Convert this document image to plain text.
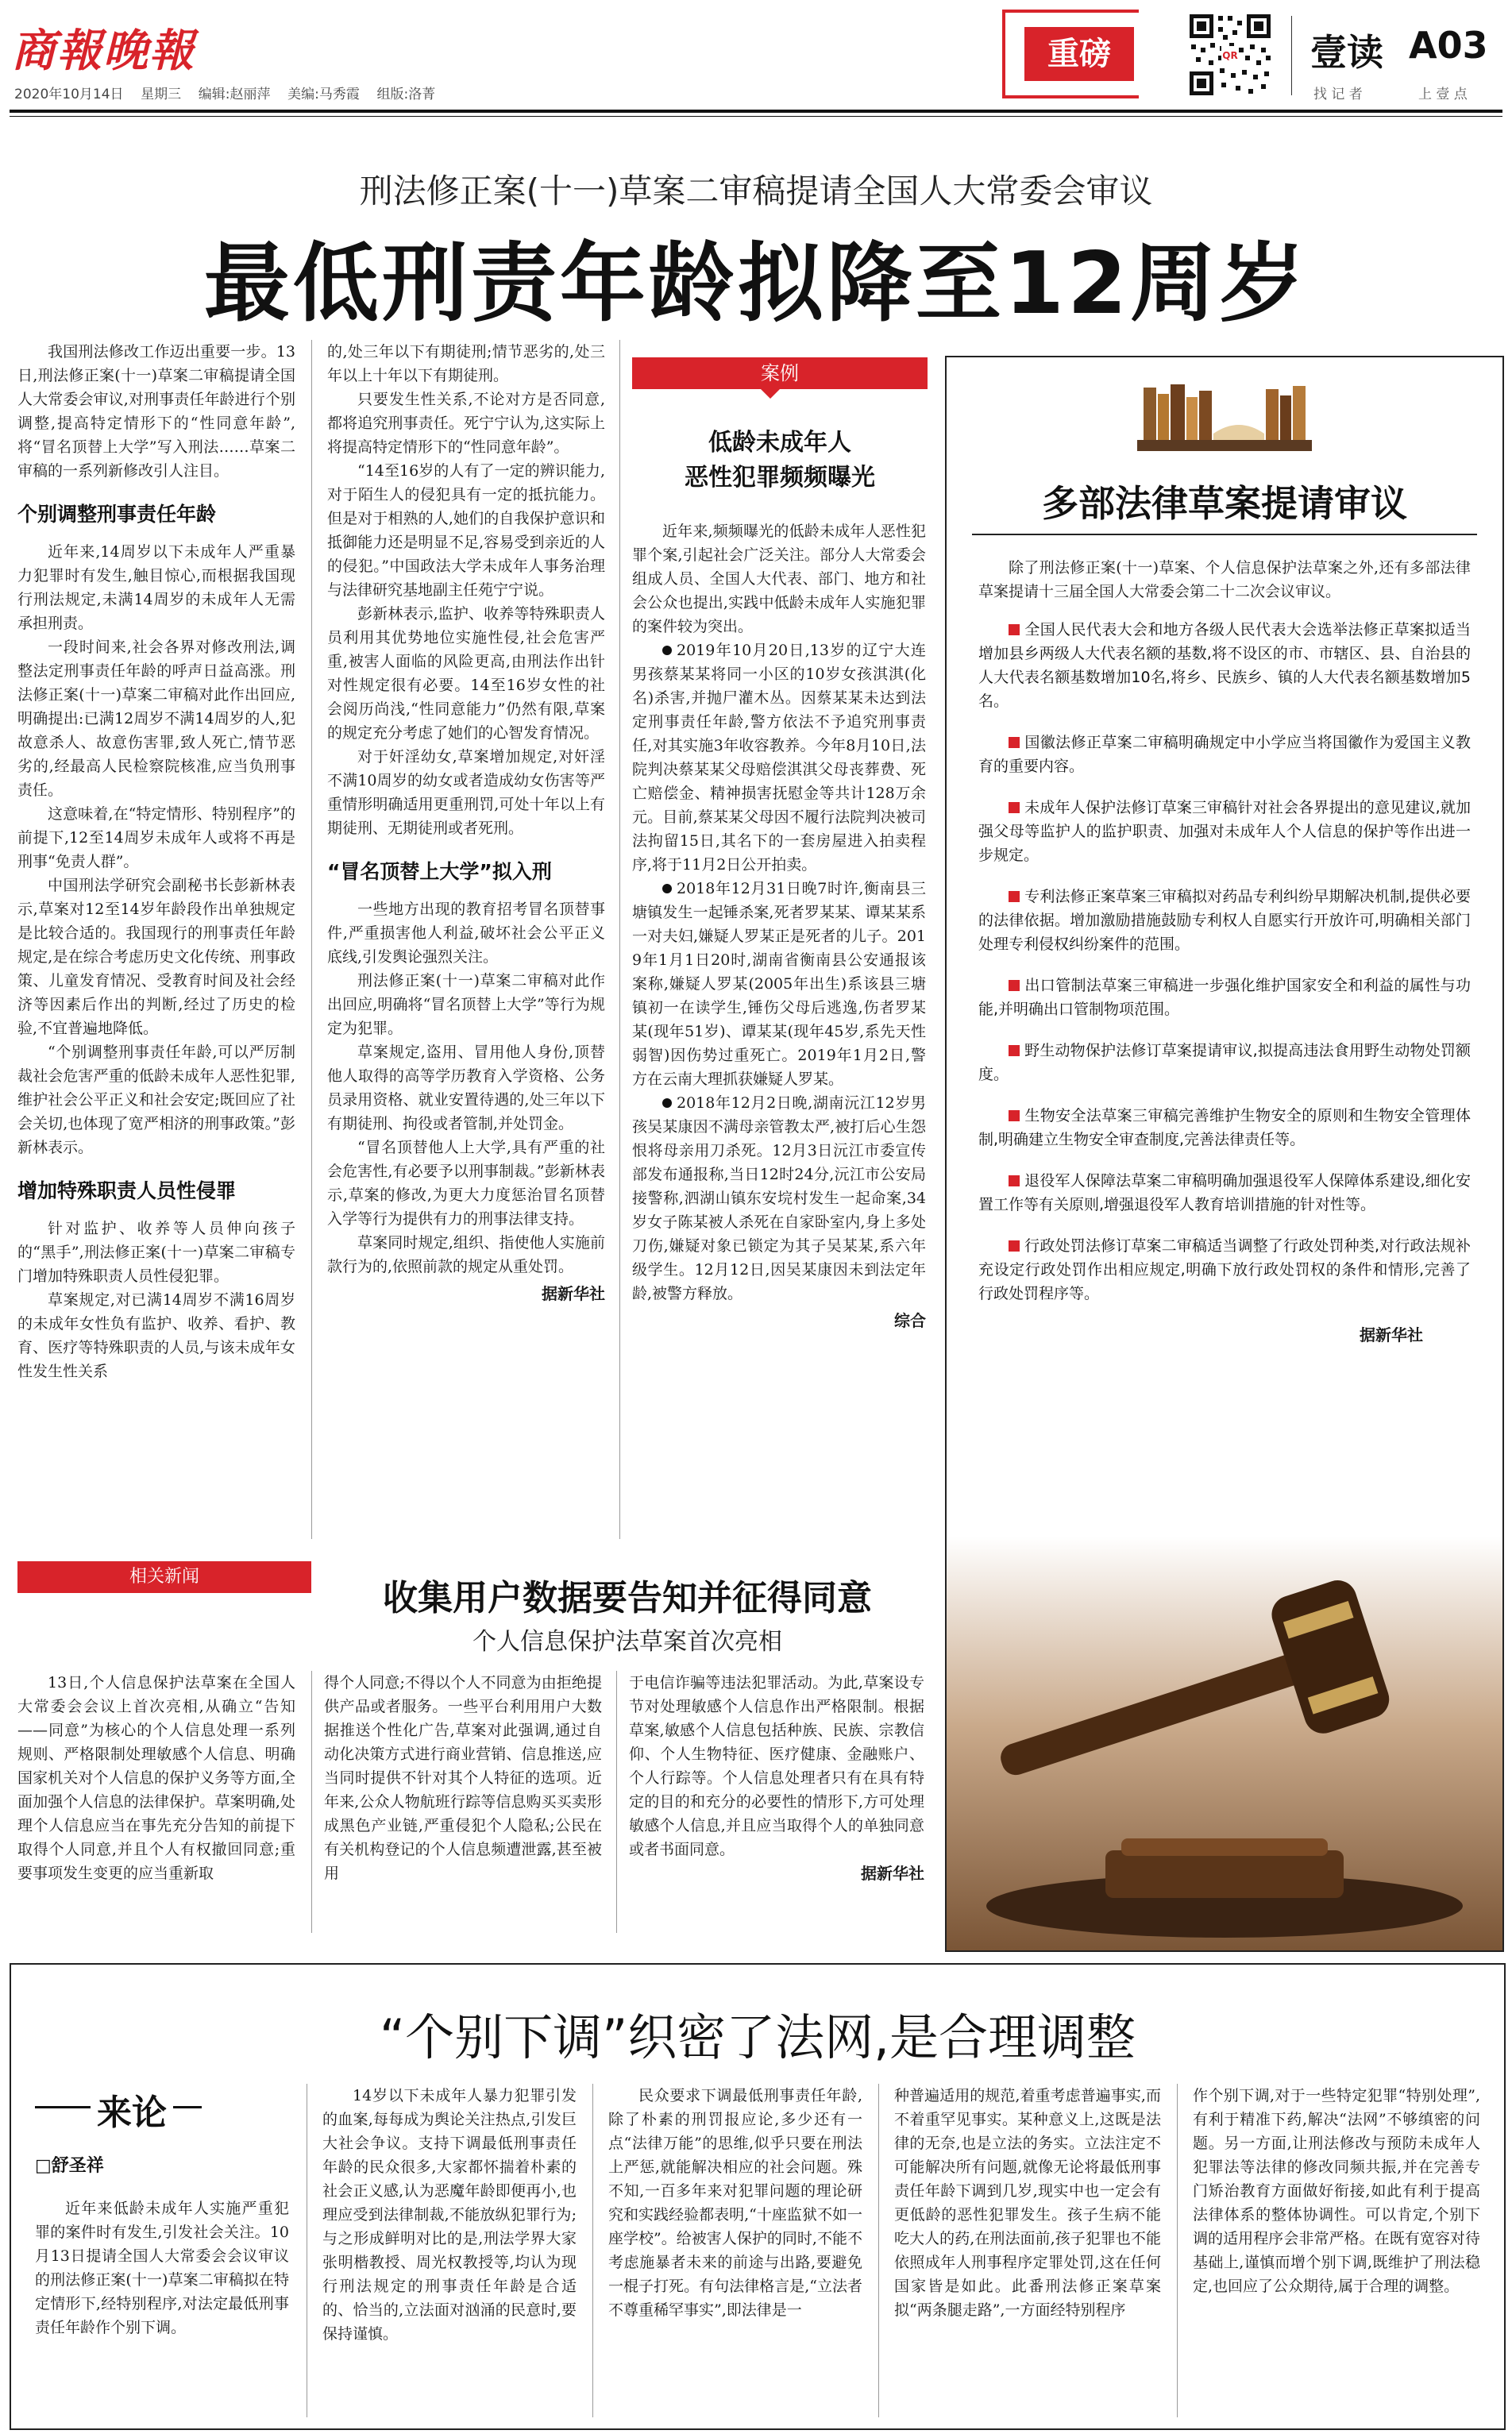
商報晚報
2020年10月14日 星期三 编辑:赵丽萍 美编:马秀霞 组版:洛菁
重磅	QR 壹读 A03
找 记 者	上 壹 点
刑法修正案(十一)草案二审稿提请全国人大常委会审议
最低刑责年龄拟降至12周岁

我国刑法修改工作迈出重要一步。13日,刑法修正案(十一)草案二审稿提请全国人大常委会审议,对刑事责任年龄进行个别调整,提高特定情形下的“性同意年龄”,将“冒名顶替上大学”写入刑法……草案二审稿的一系列新修改引人注目。

个别调整刑事责任年龄

近年来,14周岁以下未成年人严重暴力犯罪时有发生,触目惊心,而根据我国现行刑法规定,未满14周岁的未成年人无需承担刑责。

一段时间来,社会各界对修改刑法,调整法定刑事责任年龄的呼声日益高涨。刑法修正案(十一)草案二审稿对此作出回应,明确提出:已满12周岁不满14周岁的人,犯故意杀人、故意伤害罪,致人死亡,情节恶劣的,经最高人民检察院核准,应当负刑事责任。

这意味着,在“特定情形、特别程序”的前提下,12至14周岁未成年人或将不再是刑事“免责人群”。

中国刑法学研究会副秘书长彭新林表示,草案对12至14岁年龄段作出单独规定是比较合适的。我国现行的刑事责任年龄规定,是在综合考虑历史文化传统、刑事政策、儿童发育情况、受教育时间及社会经济等因素后作出的判断,经过了历史的检验,不宜普遍地降低。

“个别调整刑事责任年龄,可以严厉制裁社会危害严重的低龄未成年人恶性犯罪,维护社会公平正义和社会安定;既回应了社会关切,也体现了宽严相济的刑事政策。”彭新林表示。

增加特殊职责人员性侵罪

针对监护、收养等人员伸向孩子的“黑手”,刑法修正案(十一)草案二审稿专门增加特殊职责人员性侵犯罪。

草案规定,对已满14周岁不满16周岁的未成年女性负有监护、收养、看护、教育、医疗等特殊职责的人员,与该未成年女性发生性关系

的,处三年以下有期徒刑;情节恶劣的,处三年以上十年以下有期徒刑。

只要发生性关系,不论对方是否同意,都将追究刑事责任。死宁宁认为,这实际上将提高特定情形下的“性同意年龄”。

“14至16岁的人有了一定的辨识能力,对于陌生人的侵犯具有一定的抵抗能力。但是对于相熟的人,她们的自我保护意识和抵御能力还是明显不足,容易受到亲近的人的侵犯。”中国政法大学未成年人事务治理与法律研究基地副主任苑宁宁说。

彭新林表示,监护、收养等特殊职责人员利用其优势地位实施性侵,社会危害严重,被害人面临的风险更高,由刑法作出针对性规定很有必要。14至16岁女性的社会阅历尚浅,“性同意能力”仍然有限,草案的规定充分考虑了她们的心智发育情况。

对于奸淫幼女,草案增加规定,对奸淫不满10周岁的幼女或者造成幼女伤害等严重情形明确适用更重刑罚,可处十年以上有期徒刑、无期徒刑或者死刑。

“冒名顶替上大学”拟入刑

一些地方出现的教育招考冒名顶替事件,严重损害他人利益,破坏社会公平正义底线,引发舆论强烈关注。

刑法修正案(十一)草案二审稿对此作出回应,明确将“冒名顶替上大学”等行为规定为犯罪。

草案规定,盗用、冒用他人身份,顶替他人取得的高等学历教育入学资格、公务员录用资格、就业安置待遇的,处三年以下有期徒刑、拘役或者管制,并处罚金。

“冒名顶替他人上大学,具有严重的社会危害性,有必要予以刑事制裁。”彭新林表示,草案的修改,为更大力度惩治冒名顶替入学等行为提供有力的刑事法律支持。

草案同时规定,组织、指使他人实施前款行为的,依照前款的规定从重处罚。

据新华社
案例
低龄未成年人
恶性犯罪频频曝光

近年来,频频曝光的低龄未成年人恶性犯罪个案,引起社会广泛关注。部分人大常委会组成人员、全国人大代表、部门、地方和社会公众也提出,实践中低龄未成年人实施犯罪的案件较为突出。

2019年10月20日,13岁的辽宁大连男孩蔡某某将同一小区的10岁女孩淇淇(化名)杀害,并抛尸灌木丛。因蔡某某未达到法定刑事责任年龄,警方依法不予追究刑事责任,对其实施3年收容教养。今年8月10日,法院判决蔡某某父母赔偿淇淇父母丧葬费、死亡赔偿金、精神损害抚慰金等共计128万余元。目前,蔡某某父母因不履行法院判决被司法拘留15日,其名下的一套房屋进入拍卖程序,将于11月2日公开拍卖。

2018年12月31日晚7时许,衡南县三塘镇发生一起锤杀案,死者罗某某、谭某某系一对夫妇,嫌疑人罗某正是死者的儿子。2019年1月1日20时,湖南省衡南县公安通报该案称,嫌疑人罗某(2005年出生)系该县三塘镇初一在读学生,锤伤父母后逃逸,伤者罗某某(现年51岁)、谭某某(现年45岁,系先天性弱智)因伤势过重死亡。2019年1月2日,警方在云南大理抓获嫌疑人罗某。

2018年12月2日晚,湖南沅江12岁男孩吴某康因不满母亲管教太严,被打后心生怨恨将母亲用刀杀死。12月3日沅江市委宣传部发布通报称,当日12时24分,沅江市公安局接警称,泗湖山镇东安垸村发生一起命案,34岁女子陈某被人杀死在自家卧室内,身上多处刀伤,嫌疑对象已锁定为其子吴某某,系六年级学生。12月12日,因吴某康因未到法定年龄,被警方释放。

综合
多部法律草案提请审议

除了刑法修正案(十一)草案、个人信息保护法草案之外,还有多部法律草案提请十三届全国人大常委会第二十二次会议审议。

全国人民代表大会和地方各级人民代表大会选举法修正草案拟适当增加县乡两级人大代表名额的基数,将不设区的市、市辖区、县、自治县的人大代表名额基数增加10名,将乡、民族乡、镇的人大代表名额基数增加5名。
国徽法修正草案二审稿明确规定中小学应当将国徽作为爱国主义教育的重要内容。
未成年人保护法修订草案三审稿针对社会各界提出的意见建议,就加强父母等监护人的监护职责、加强对未成年人个人信息的保护等作出进一步规定。
专利法修正案草案三审稿拟对药品专利纠纷早期解决机制,提供必要的法律依据。增加激励措施鼓励专利权人自愿实行开放许可,明确相关部门处理专利侵权纠纷案件的范围。
出口管制法草案三审稿进一步强化维护国家安全和利益的属性与功能,并明确出口管制物项范围。
野生动物保护法修订草案提请审议,拟提高违法食用野生动物处罚额度。
生物安全法草案三审稿完善维护生物安全的原则和生物安全管理体制,明确建立生物安全审查制度,完善法律责任等。
退役军人保障法草案二审稿明确加强退役军人保障体系建设,细化安置工作等有关原则,增强退役军人教育培训措施的针对性等。
行政处罚法修订草案二审稿适当调整了行政处罚种类,对行政法规补充设定行政处罚作出相应规定,明确下放行政处罚权的条件和情形,完善了行政处罚程序等。
据新华社
相关新闻
收集用户数据要告知并征得同意
个人信息保护法草案首次亮相

13日,个人信息保护法草案在全国人大常委会会议上首次亮相,从确立“告知——同意”为核心的个人信息处理一系列规则、严格限制处理敏感个人信息、明确国家机关对个人信息的保护义务等方面,全面加强个人信息的法律保护。草案明确,处理个人信息应当在事先充分告知的前提下取得个人同意,并且个人有权撤回同意;重要事项发生变更的应当重新取

得个人同意;不得以个人不同意为由拒绝提供产品或者服务。一些平台利用用户大数据推送个性化广告,草案对此强调,通过自动化决策方式进行商业营销、信息推送,应当同时提供不针对其个人特征的选项。近年来,公众人物航班行踪等信息购买买卖形成黑色产业链,严重侵犯个人隐私;公民在有关机构登记的个人信息频遭泄露,甚至被用

于电信诈骗等违法犯罪活动。为此,草案设专节对处理敏感个人信息作出严格限制。根据草案,敏感个人信息包括种族、民族、宗教信仰、个人生物特征、医疗健康、金融账户、个人行踪等。个人信息处理者只有在具有特定的目的和充分的必要性的情形下,方可处理敏感个人信息,并且应当取得个人的单独同意或者书面同意。

据新华社
“个别下调”织密了法网,是合理调整
来论
□舒圣祥

近年来低龄未成年人实施严重犯罪的案件时有发生,引发社会关注。10月13日提请全国人大常委会会议审议的刑法修正案(十一)草案二审稿拟在特定情形下,经特别程序,对法定最低刑事责任年龄作个别下调。

14岁以下未成年人暴力犯罪引发的血案,每每成为舆论关注热点,引发巨大社会争议。支持下调最低刑事责任年龄的民众很多,大家都怀揣着朴素的社会正义感,认为恶魔年龄即便再小,也理应受到法律制裁,不能放纵犯罪行为;与之形成鲜明对比的是,刑法学界大家张明楷教授、周光权教授等,均认为现行刑法规定的刑事责任年龄是合适的、恰当的,立法面对汹涌的民意时,要保持谨慎。

民众要求下调最低刑事责任年龄,除了朴素的刑罚报应论,多少还有一点“法律万能”的思维,似乎只要在刑法上严惩,就能解决相应的社会问题。殊不知,一百多年来对犯罪问题的理论研究和实践经验都表明,“十座监狱不如一座学校”。给被害人保护的同时,不能不考虑施暴者未来的前途与出路,要避免一棍子打死。有句法律格言是,“立法者不尊重稀罕事实”,即法律是一

种普遍适用的规范,着重考虑普遍事实,而不着重罕见事实。某种意义上,这既是法律的无奈,也是立法的务实。立法注定不可能解决所有问题,就像无论将最低刑事责任年龄下调到几岁,现实中也一定会有更低龄的恶性犯罪发生。孩子生病不能吃大人的药,在刑法面前,孩子犯罪也不能依照成年人刑事程序定罪处罚,这在任何国家皆是如此。此番刑法修正案草案拟“两条腿走路”,一方面经特别程序

作个别下调,对于一些特定犯罪“特别处理”,有利于精准下药,解决“法网”不够缜密的问题。另一方面,让刑法修改与预防未成年人犯罪法等法律的修改同频共振,并在完善专门矫治教育方面做好衔接,如此有利于提高法律体系的整体协调性。可以肯定,个别下调的适用程序会非常严格。在既有宽容对待基础上,谨慎而增个别下调,既维护了刑法稳定,也回应了公众期待,属于合理的调整。
